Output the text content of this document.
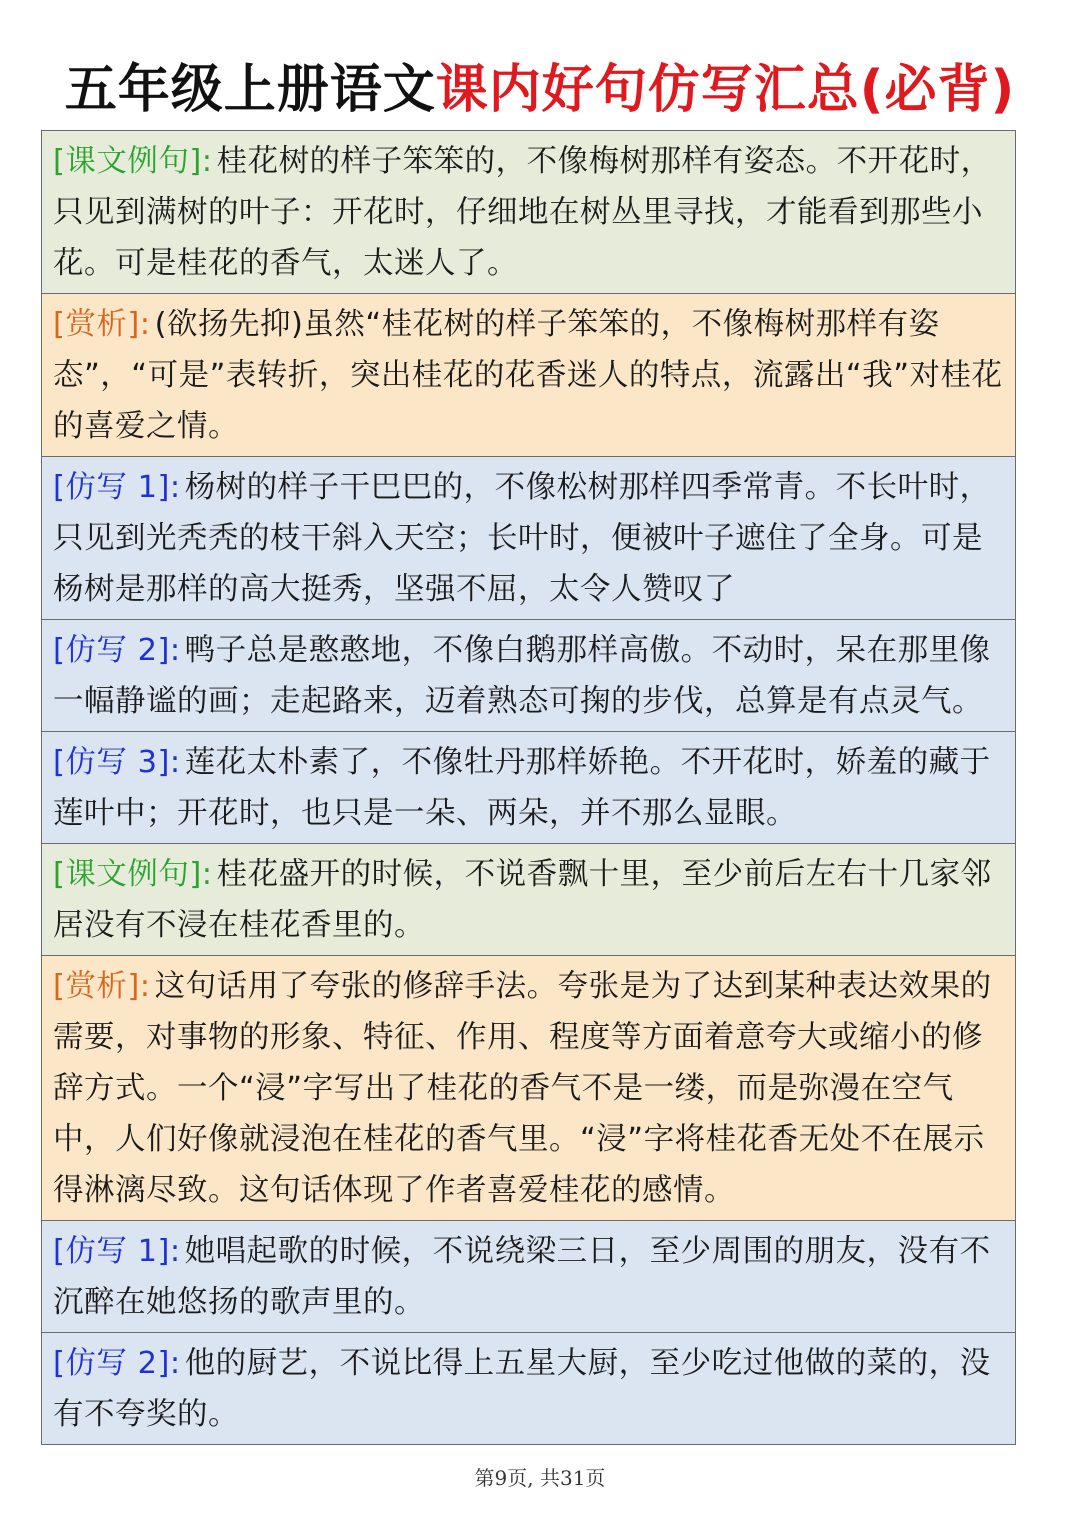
五年级上册语文课内好句仿写汇总(必背)
[课文例句]: 桂花树的样子笨笨的，不像梅树那样有姿态。不开花时，只见到满树的叶子：开花时，仔细地在树丛里寻找，才能看到那些小花。可是桂花的香气，太迷人了。
[赏析]: (欲扬先抑)虽然“桂花树的样子笨笨的，不像梅树那样有姿态”，“可是”表转折，突出桂花的花香迷人的特点，流露出“我”对桂花的喜爱之情。
[仿写 1]: 杨树的样子干巴巴的，不像松树那样四季常青。不长叶时，只见到光秃秃的枝干斜入天空；长叶时，便被叶子遮住了全身。可是杨树是那样的高大挺秀，坚强不屈，太令人赞叹了
[仿写 2]: 鸭子总是憨憨地，不像白鹅那样高傲。不动时，呆在那里像一幅静谧的画；走起路来，迈着熟态可掬的步伐，总算是有点灵气。
[仿写 3]: 莲花太朴素了，不像牡丹那样娇艳。不开花时，娇羞的藏于莲叶中；开花时，也只是一朵、两朵，并不那么显眼。
[课文例句]: 桂花盛开的时候，不说香飘十里，至少前后左右十几家邻居没有不浸在桂花香里的。
[赏析]: 这句话用了夸张的修辞手法。夸张是为了达到某种表达效果的需要，对事物的形象、特征、作用、程度等方面着意夸大或缩小的修辞方式。一个“浸”字写出了桂花的香气不是一缕，而是弥漫在空气中，人们好像就浸泡在桂花的香气里。“浸”字将桂花香无处不在展示得淋漓尽致。这句话体现了作者喜爱桂花的感情。
[仿写 1]: 她唱起歌的时候，不说绕梁三日，至少周围的朋友，没有不沉醉在她悠扬的歌声里的。
[仿写 2]: 他的厨艺，不说比得上五星大厨，至少吃过他做的菜的，没有不夸奖的。
第9页, 共31页
